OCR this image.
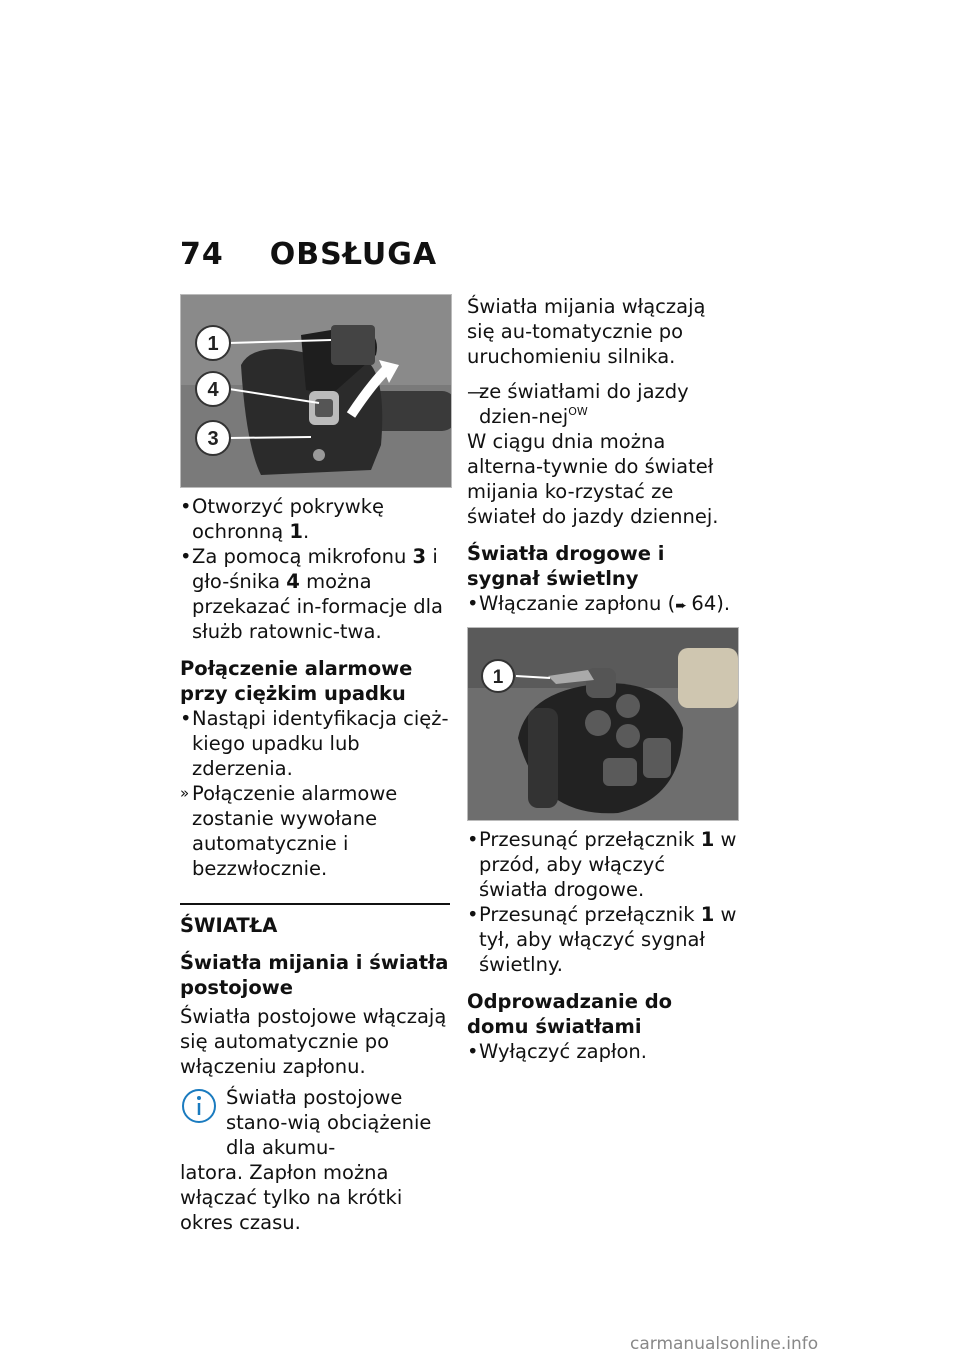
74 OBSŁUGA
1
4
3
• Otworzyć pokrywkę ochronną 1.
• Za pomocą mikrofonu 3 i gło-śnika 4 można przekazać in-formacje dla służb ratownic-twa.
Połączenie alarmowe przy ciężkim upadku
• Nastąpi identyfikacja cięż-kiego upadku lub zderzenia.
» Połączenie alarmowe zostanie wywołane automatycznie i bezzwłocznie.
ŚWIATŁA
Światła mijania i światła postojowe
Światła postojowe włączają się automatycznie po włączeniu zapłonu.
Światła postojowe stano-wią obciążenie dla akumu-
latora. Zapłon można włączać tylko na krótki okres czasu.
Światła mijania włączają się au-tomatycznie po uruchomieniu silnika.
— ze światłami do jazdy dzien-nej$^{OW}$
W ciągu dnia można alterna-tywnie do świateł mijania ko-rzystać ze świateł do jazdy dziennej.
Światła drogowe i sygnał świetlny
• Włączanie zapłonu (➨ 64).
1
• Przesunąć przełącznik 1 w przód, aby włączyć światła drogowe.
• Przesunąć przełącznik 1 w tył, aby włączyć sygnał świetlny.
Odprowadzanie do domu światłami
• Wyłączyć zapłon.
carmanualsonline.info
